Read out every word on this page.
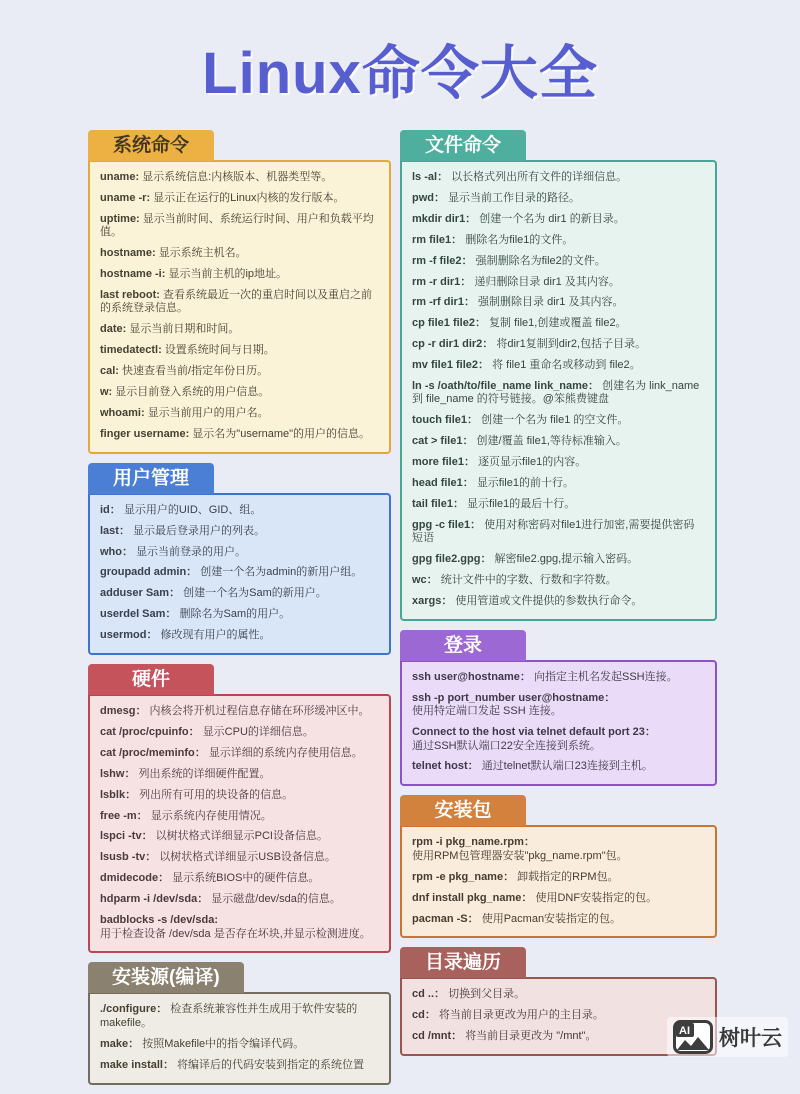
Linux命令大全
系统命令
uname: 显示系统信息:内核版本、机器类型等。
uname -r: 显示正在运行的Linux内核的发行版本。
uptime: 显示当前时间、系统运行时间、用户和负载平均值。
hostname: 显示系统主机名。
hostname -i: 显示当前主机的ip地址。
last reboot: 查看系统最近一次的重启时间以及重启之前的系统登录信息。
date: 显示当前日期和时间。
timedatectl: 设置系统时间与日期。
cal: 快速查看当前/指定年份日历。
w: 显示目前登入系统的用户信息。
whoami: 显示当前用户的用户名。
finger username: 显示名为"username"的用户的信息。
用户管理
id： 显示用户的UID、GID、组。
last： 显示最后登录用户的列表。
who： 显示当前登录的用户。
groupadd admin： 创建一个名为admin的新用户组。
adduser Sam： 创建一个名为Sam的新用户。
userdel Sam： 删除名为Sam的用户。
usermod： 修改现有用户的属性。
硬件
dmesg： 内核会将开机过程信息存储在环形缓冲区中。
cat /proc/cpuinfo： 显示CPU的详细信息。
cat /proc/meminfo： 显示详细的系统内存使用信息。
lshw： 列出系统的详细硬件配置。
lsblk： 列出所有可用的块设备的信息。
free -m： 显示系统内存使用情况。
lspci -tv： 以树状格式详细显示PCI设备信息。
lsusb -tv： 以树状格式详细显示USB设备信息。
dmidecode： 显示系统BIOS中的硬件信息。
hdparm -i /dev/sda： 显示磁盘/dev/sda的信息。
badblocks -s /dev/sda:
用于检查设备 /dev/sda 是否存在坏块,并显示检测进度。
安装源(编译)
./configure： 检查系统兼容性并生成用于软件安装的makefile。
make： 按照Makefile中的指令编译代码。
make install： 将编译后的代码安装到指定的系统位置
文件命令
ls -al： 以长格式列出所有文件的详细信息。
pwd： 显示当前工作目录的路径。
mkdir dir1： 创建一个名为 dir1 的新目录。
rm file1： 删除名为file1的文件。
rm -f file2： 强制删除名为file2的文件。
rm -r dir1： 递归删除目录 dir1 及其内容。
rm -rf dir1： 强制删除目录 dir1 及其内容。
cp file1 file2： 复制 file1,创建或覆盖 file2。
cp -r dir1 dir2： 将dir1复制到dir2,包括子目录。
mv file1 file2： 将 file1 重命名或移动到 file2。
ln -s /oath/to/file_name link_name： 创建名为 link_name 到 file_name 的符号链接。@笨熊费键盘
touch file1： 创建一个名为 file1 的空文件。
cat > file1： 创建/覆盖 file1,等待标准输入。
more file1： 逐页显示file1的内容。
head file1： 显示file1的前十行。
tail file1： 显示file1的最后十行。
gpg -c file1： 使用对称密码对file1进行加密,需要提供密码短语
gpg file2.gpg： 解密file2.gpg,提示输入密码。
wc： 统计文件中的字数、行数和字符数。
xargs： 使用管道或文件提供的参数执行命令。
登录
ssh user@hostname： 向指定主机名发起SSH连接。
ssh -p port_number user@hostname：
使用特定端口发起 SSH 连接。
Connect to the host via telnet default port 23：
通过SSH默认端口22安全连接到系统。
telnet host： 通过telnet默认端口23连接到主机。
安装包
rpm -i pkg_name.rpm：
使用RPM包管理器安装"pkg_name.rpm"包。
rpm -e pkg_name： 卸载指定的RPM包。
dnf install pkg_name： 使用DNF安装指定的包。
pacman -S： 使用Pacman安装指定的包。
目录遍历
cd ..： 切换到父目录。
cd： 将当前目录更改为用户的主目录。
cd /mnt： 将当前目录更改为 "/mnt"。	AI 树叶云
